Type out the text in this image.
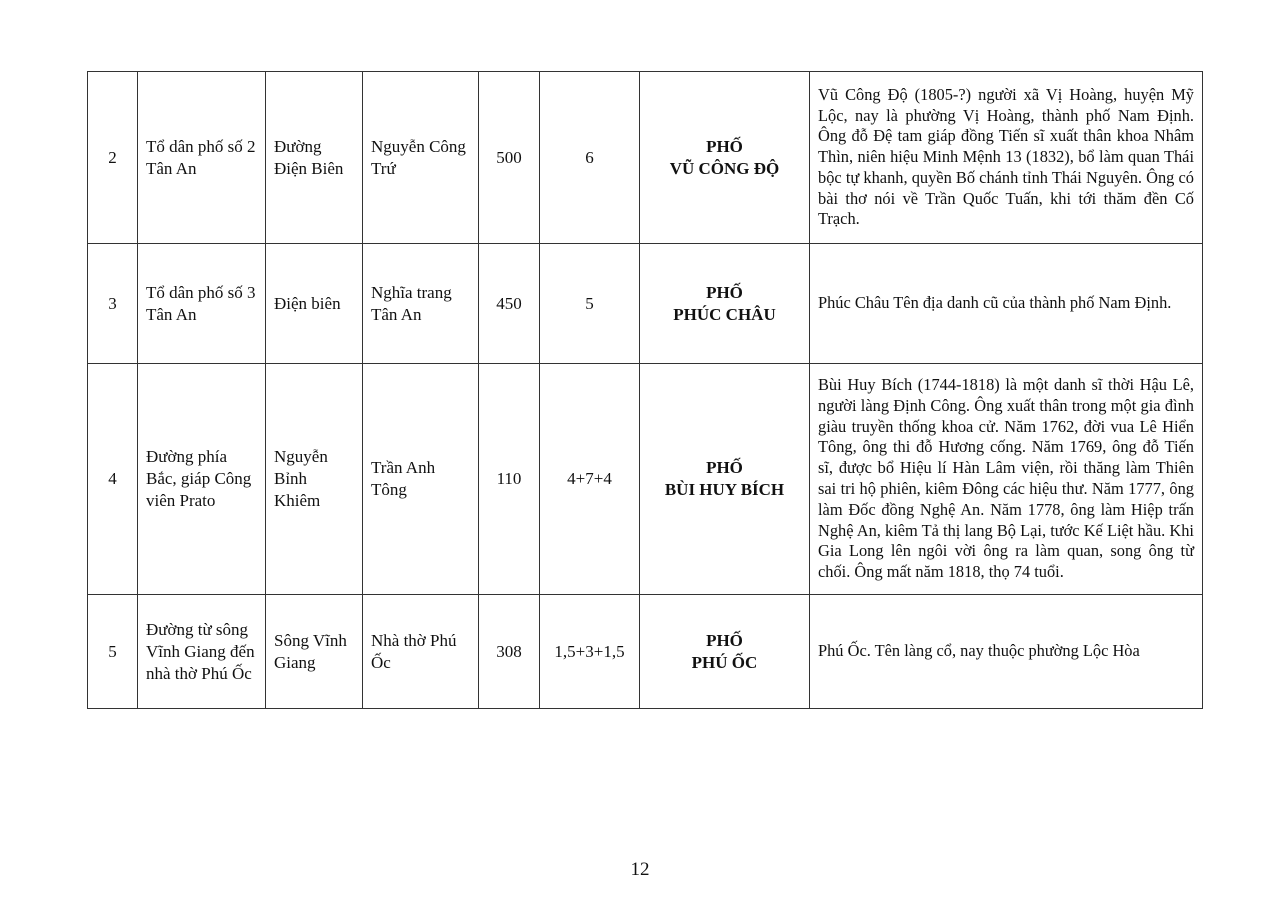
2	Tổ dân phố số 2 Tân An	Đường Điện Biên	Nguyễn Công Trứ	500	6	PHỐ
VŨ CÔNG ĐỘ	Vũ Công Độ (1805-?) người xã Vị Hoàng, huyện Mỹ Lộc, nay là phường Vị Hoàng, thành phố Nam Định. Ông đỗ Đệ tam giáp đồng Tiến sĩ xuất thân khoa Nhâm Thìn, niên hiệu Minh Mệnh 13 (1832), bổ làm quan Thái bộc tự khanh, quyền Bố chánh tỉnh Thái Nguyên. Ông có bài thơ nói về Trần Quốc Tuấn, khi tới thăm đền Cố Trạch.
3	Tổ dân phố số 3 Tân An	Điện biên	Nghĩa trang Tân An	450	5	PHỐ
PHÚC CHÂU	Phúc Châu Tên địa danh cũ của thành phố Nam Định.
4	Đường phía Bắc, giáp Công viên Prato	Nguyễn Bỉnh Khiêm	Trần Anh Tông	110	4+7+4	PHỐ
BÙI HUY BÍCH	Bùi Huy Bích (1744-1818) là một danh sĩ thời Hậu Lê, người làng Định Công. Ông xuất thân trong một gia đình giàu truyền thống khoa cử. Năm 1762, đời vua Lê Hiển Tông, ông thi đỗ Hương cống. Năm 1769, ông đỗ Tiến sĩ, được bổ Hiệu lí Hàn Lâm viện, rồi thăng làm Thiên sai tri hộ phiên, kiêm Đông các hiệu thư. Năm 1777, ông làm Đốc đồng Nghệ An. Năm 1778, ông làm Hiệp trấn Nghệ An, kiêm Tả thị lang Bộ Lại, tước Kế Liệt hầu. Khi Gia Long lên ngôi vời ông ra làm quan, song ông từ chối. Ông mất năm 1818, thọ 74 tuổi.
5	Đường từ sông Vĩnh Giang đến nhà thờ Phú Ốc	Sông Vĩnh Giang	Nhà thờ Phú Ốc	308	1,5+3+1,5	PHỐ
PHÚ ỐC	Phú Ốc. Tên làng cổ, nay thuộc phường Lộc Hòa
12
